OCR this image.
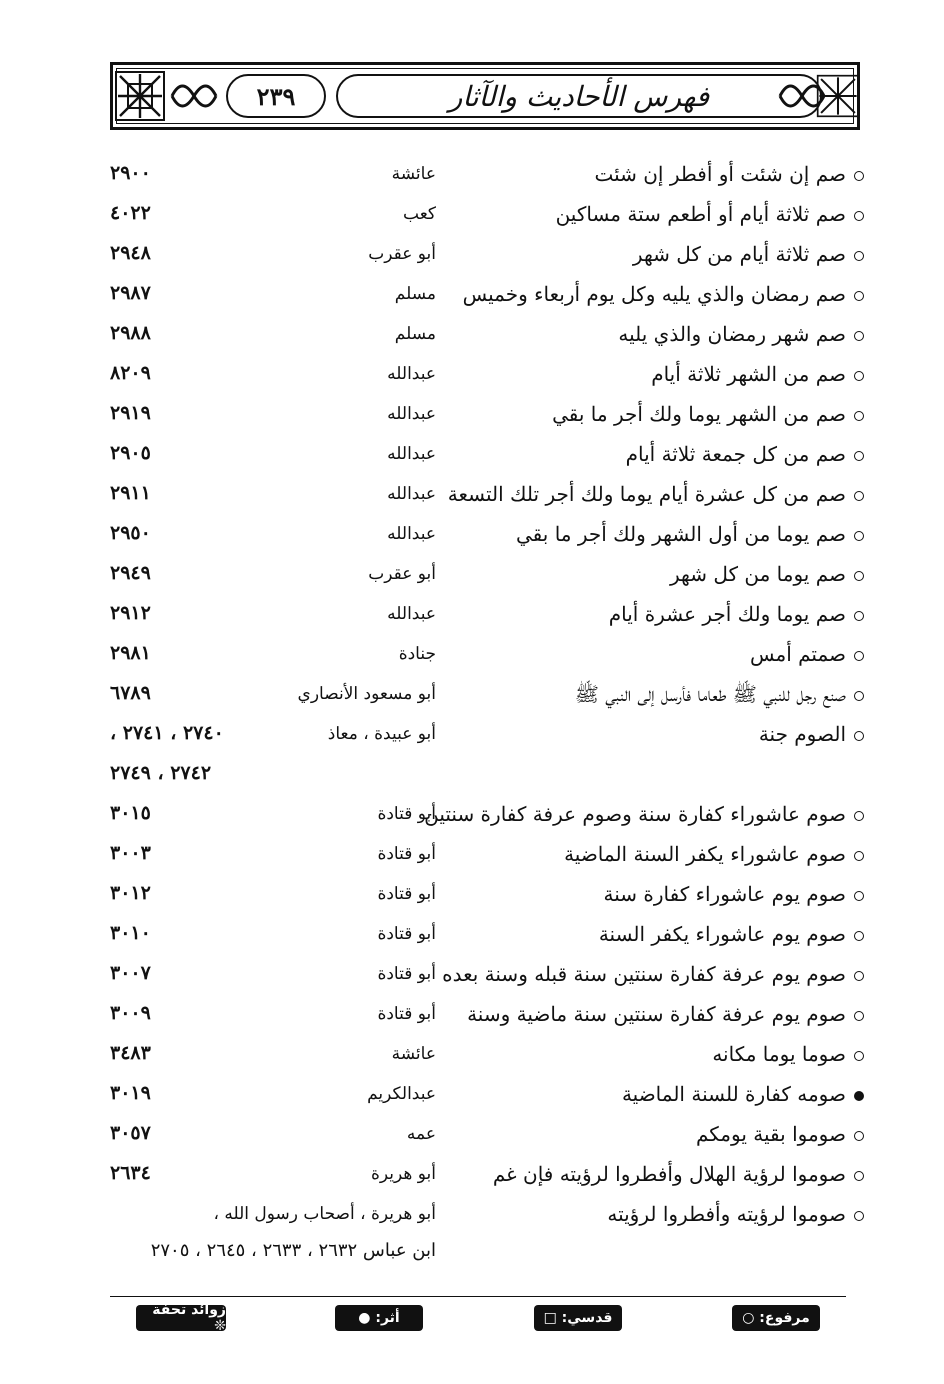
٢٣٩	فهرس الأحاديث والآثار
صم إن شئت أو أفطر إن شئت
عائشة
٢٩٠٠
صم ثلاثة أيام أو أطعم ستة مساكين
كعب
٤٠٢٢
صم ثلاثة أيام من كل شهر
أبو عقرب
٢٩٤٨
صم رمضان والذي يليه وكل يوم أربعاء وخميس
مسلم
٢٩٨٧
صم شهر رمضان والذي يليه
مسلم
٢٩٨٨
صم من الشهر ثلاثة أيام
عبدالله
٨٢٠٩
صم من الشهر يوما ولك أجر ما بقي
عبدالله
٢٩١٩
صم من كل جمعة ثلاثة أيام
عبدالله
٢٩٠٥
صم من كل عشرة أيام يوما ولك أجر تلك التسعة
عبدالله
٢٩١١
صم يوما من أول الشهر ولك أجر ما بقي
عبدالله
٢٩٥٠
صم يوما من كل شهر
أبو عقرب
٢٩٤٩
صم يوما ولك أجر عشرة أيام
عبدالله
٢٩١٢
صمتم أمس
جنادة
٢٩٨١
صنع رجل للنبي ﷺ طعاما فأرسل إلى النبي ﷺ
أبو مسعود الأنصاري
٦٧٨٩
الصوم جنة
أبو عبيدة ، معاذ
٢٧٤٠ ، ٢٧٤١ ،
٢٧٤٢ ، ٢٧٤٩
صوم عاشوراء كفارة سنة وصوم عرفة كفارة سنتين
أبو قتادة
٣٠١٥
صوم عاشوراء يكفر السنة الماضية
أبو قتادة
٣٠٠٣
صوم يوم عاشوراء كفارة سنة
أبو قتادة
٣٠١٢
صوم يوم عاشوراء يكفر السنة
أبو قتادة
٣٠١٠
صوم يوم عرفة كفارة سنتين سنة قبله وسنة بعده
أبو قتادة
٣٠٠٧
صوم يوم عرفة كفارة سنتين سنة ماضية وسنة
أبو قتادة
٣٠٠٩
صوما يوما مكانه
عائشة
٣٤٨٣
صومه كفارة للسنة الماضية
عبدالكريم
٣٠١٩
صوموا بقية يومكم
عمه
٣٠٥٧
صوموا لرؤية الهلال وأفطروا لرؤيته فإن غم
أبو هريرة
٢٦٣٤
صوموا لرؤيته وأفطروا لرؤيته
أبو هريرة ، أصحاب رسول الله ،
ابن عباس ٢٦٣٢ ، ٢٦٣٣ ، ٢٦٤٥ ، ٢٧٠٥
مرفوع: ○
قدسي: □
أثر: ●
زوائد تحفة ❊
